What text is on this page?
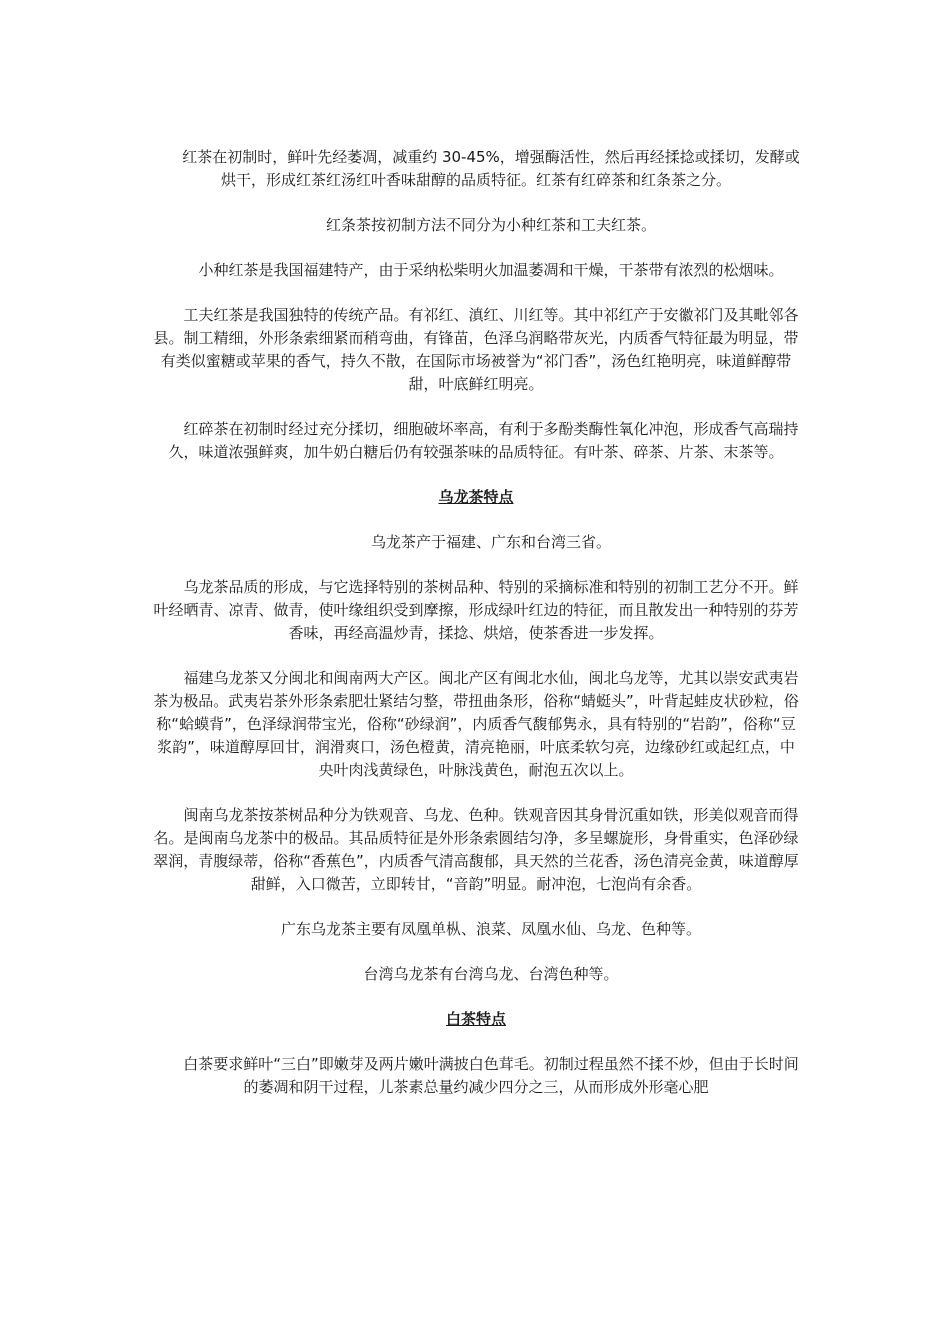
红茶在初制时，鲜叶先经萎凋，减重约 30-45%，增强酶活性，然后再经揉捻或揉切，发酵或烘干，形成红茶红汤红叶香味甜醇的品质特征。红茶有红碎茶和红条茶之分。

红条茶按初制方法不同分为小种红茶和工夫红茶。

小种红茶是我国福建特产，由于采纳松柴明火加温萎凋和干燥，干茶带有浓烈的松烟味。

工夫红茶是我国独特的传统产品。有祁红、滇红、川红等。其中祁红产于安徽祁门及其毗邻各县。制工精细，外形条索细紧而稍弯曲，有锋苗，色泽乌润略带灰光，内质香气特征最为明显，带有类似蜜糖或苹果的香气，持久不散，在国际市场被誉为“祁门香”，汤色红艳明亮，味道鲜醇带甜，叶底鲜红明亮。

红碎茶在初制时经过充分揉切，细胞破坏率高，有利于多酚类酶性氧化冲泡，形成香气高瑞持久，味道浓强鲜爽，加牛奶白糖后仍有较强茶味的品质特征。有叶茶、碎茶、片茶、末茶等。

乌龙茶特点

乌龙茶产于福建、广东和台湾三省。

乌龙茶品质的形成，与它选择特别的茶树品种、特别的采摘标准和特别的初制工艺分不开。鲜叶经晒青、凉青、做青，使叶缘组织受到摩擦，形成绿叶红边的特征，而且散发出一种特别的芬芳香味，再经高温炒青，揉捻、烘焙，使茶香进一步发挥。

福建乌龙茶又分闽北和闽南两大产区。闽北产区有闽北水仙，闽北乌龙等，尤其以崇安武夷岩茶为极品。武夷岩茶外形条索肥壮紧结匀整，带扭曲条形，俗称“蜻蜓头”，叶背起蛙皮状砂粒，俗称“蛤蟆背”，色泽绿润带宝光，俗称“砂绿润”，内质香气馥郁隽永，具有特别的“岩韵”，俗称“豆浆韵”，味道醇厚回甘，润滑爽口，汤色橙黄，清亮艳丽，叶底柔软匀亮，边缘砂红或起红点，中央叶肉浅黄绿色，叶脉浅黄色，耐泡五次以上。

闽南乌龙茶按茶树品种分为铁观音、乌龙、色种。铁观音因其身骨沉重如铁，形美似观音而得名。是闽南乌龙茶中的极品。其品质特征是外形条索圆结匀净，多呈螺旋形，身骨重实，色泽砂绿翠润，青腹绿蒂，俗称“香蕉色”，内质香气清高馥郁，具天然的兰花香，汤色清亮金黄，味道醇厚甜鲜，入口微苦，立即转甘，“音韵”明显。耐冲泡，七泡尚有余香。

广东乌龙茶主要有凤凰单枞、浪菜、凤凰水仙、乌龙、色种等。

台湾乌龙茶有台湾乌龙、台湾色种等。

白茶特点

白茶要求鲜叶“三白”即嫩芽及两片嫩叶满披白色茸毛。初制过程虽然不揉不炒，但由于长时间的萎凋和阴干过程，儿茶素总量约减少四分之三，从而形成外形毫心肥
